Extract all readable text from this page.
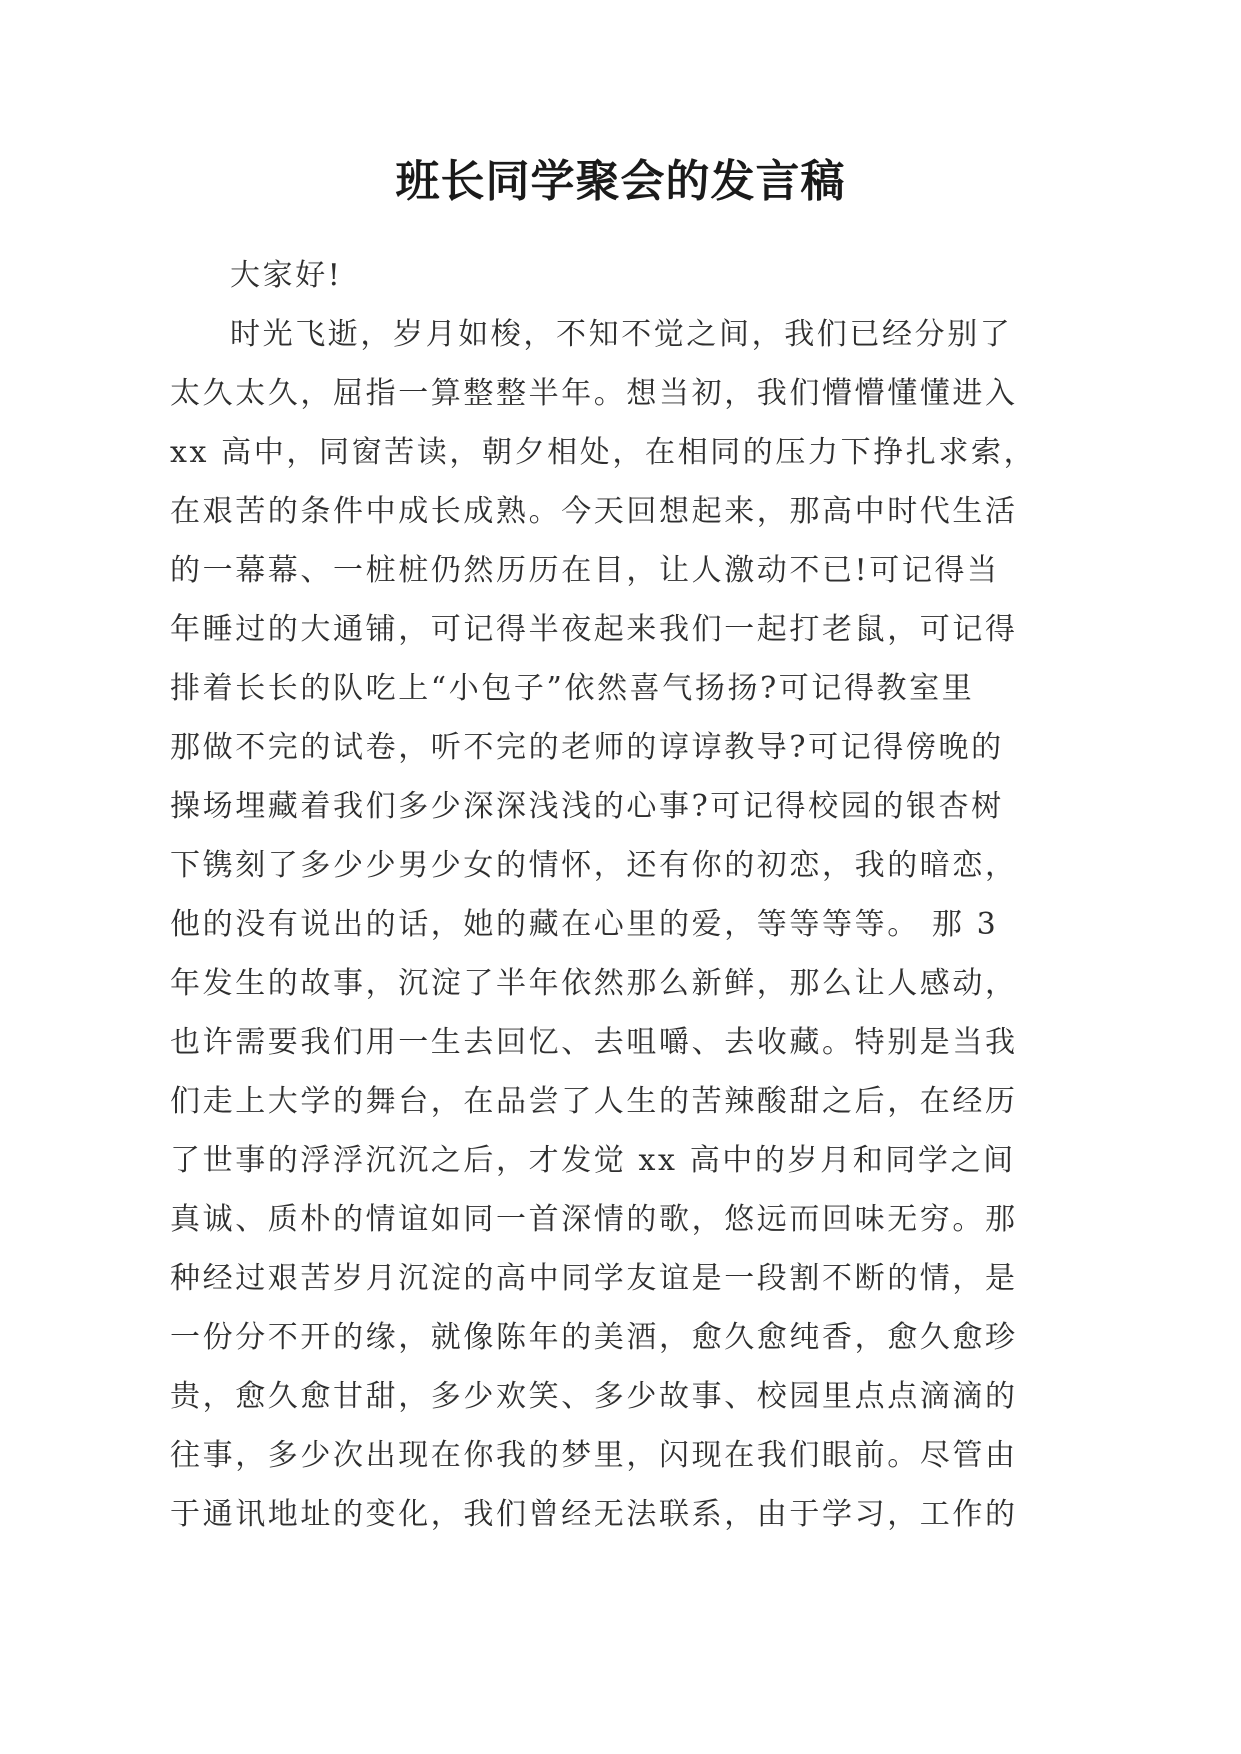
班长同学聚会的发言稿
大家好!
时光飞逝，岁月如梭，不知不觉之间，我们已经分别了
太久太久，屈指一算整整半年。想当初，我们懵懵懂懂进入
xx 高中，同窗苦读，朝夕相处，在相同的压力下挣扎求索，
在艰苦的条件中成长成熟。今天回想起来，那高中时代生活
的一幕幕、一桩桩仍然历历在目，让人激动不已!可记得当
年睡过的大通铺，可记得半夜起来我们一起打老鼠，可记得
排着长长的队吃上“小包子”依然喜气扬扬?可记得教室里
那做不完的试卷，听不完的老师的谆谆教导?可记得傍晚的
操场埋藏着我们多少深深浅浅的心事?可记得校园的银杏树
下镌刻了多少少男少女的情怀，还有你的初恋，我的暗恋，
他的没有说出的话，她的藏在心里的爱，等等等等。 那 3
年发生的故事，沉淀了半年依然那么新鲜，那么让人感动，
也许需要我们用一生去回忆、去咀嚼、去收藏。特别是当我
们走上大学的舞台，在品尝了人生的苦辣酸甜之后，在经历
了世事的浮浮沉沉之后，才发觉 xx 高中的岁月和同学之间
真诚、质朴的情谊如同一首深情的歌，悠远而回味无穷。那
种经过艰苦岁月沉淀的高中同学友谊是一段割不断的情，是
一份分不开的缘，就像陈年的美酒，愈久愈纯香，愈久愈珍
贵，愈久愈甘甜，多少欢笑、多少故事、校园里点点滴滴的
往事，多少次出现在你我的梦里，闪现在我们眼前。尽管由
于通讯地址的变化，我们曾经无法联系，由于学习，工作的
